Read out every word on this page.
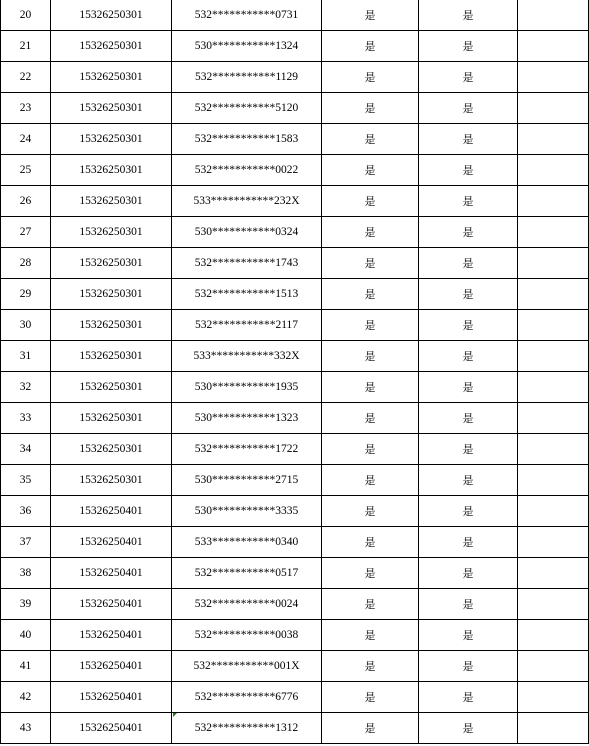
20	15326250301	532***********0731	是	是	
21	15326250301	530***********1324	是	是	
22	15326250301	532***********1129	是	是	
23	15326250301	532***********5120	是	是	
24	15326250301	532***********1583	是	是	
25	15326250301	532***********0022	是	是	
26	15326250301	533***********232X	是	是	
27	15326250301	530***********0324	是	是	
28	15326250301	532***********1743	是	是	
29	15326250301	532***********1513	是	是	
30	15326250301	532***********2117	是	是	
31	15326250301	533***********332X	是	是	
32	15326250301	530***********1935	是	是	
33	15326250301	530***********1323	是	是	
34	15326250301	532***********1722	是	是	
35	15326250301	530***********2715	是	是	
36	15326250401	530***********3335	是	是	
37	15326250401	533***********0340	是	是	
38	15326250401	532***********0517	是	是	
39	15326250401	532***********0024	是	是	
40	15326250401	532***********0038	是	是	
41	15326250401	532***********001X	是	是	
42	15326250401	532***********6776	是	是	
43	15326250401	532***********1312	是	是	
